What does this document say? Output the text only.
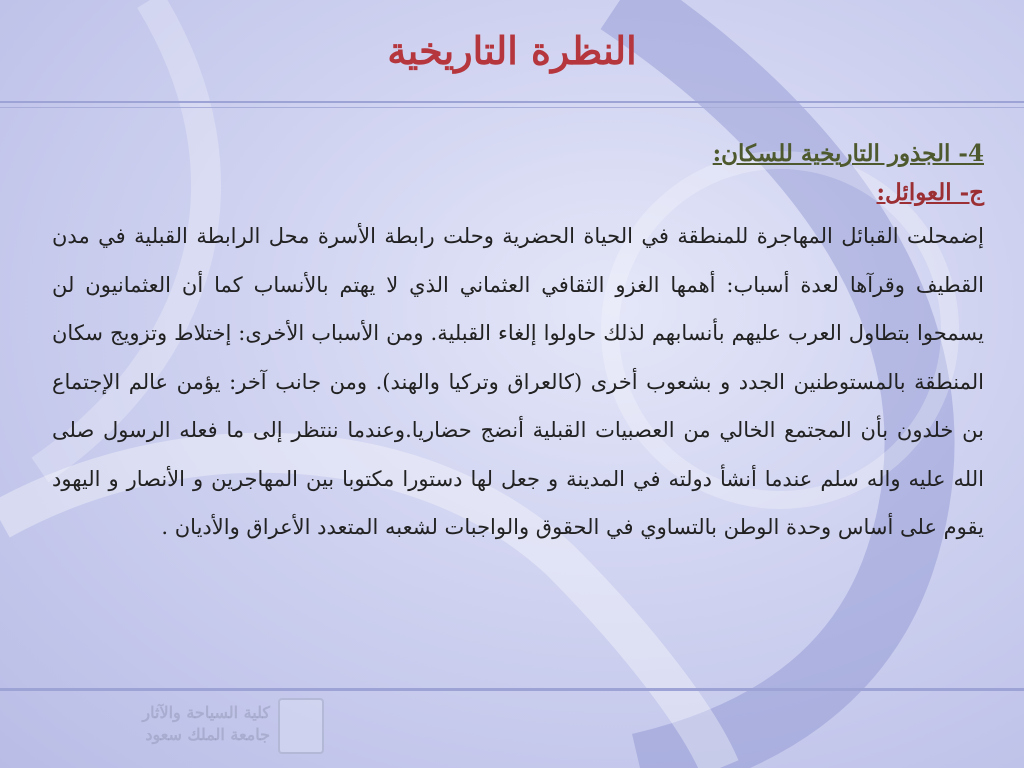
النظرة التاريخية
4- الجذور التاريخية للسكان:
ج- العوائل:
إضمحلت القبائل المهاجرة للمنطقة في الحياة الحضرية وحلت رابطة الأسرة محل الرابطة القبلية في مدن القطيف وقرآها لعدة أسباب: أهمها الغزو الثقافي العثماني الذي لا يهتم بالأنساب كما أن العثمانيون لن يسمحوا بتطاول العرب عليهم بأنسابهم لذلك حاولوا إلغاء القبلية. ومن الأسباب الأخرى: إختلاط وتزويج سكان المنطقة بالمستوطنين الجدد و بشعوب أخرى (كالعراق وتركيا والهند). ومن جانب آخر: يؤمن عالم الإجتماع بن خلدون بأن المجتمع الخالي من العصبيات القبلية أنضج حضاريا.وعندما ننتظر إلى ما فعله الرسول صلى الله عليه واله سلم عندما أنشأ دولته في المدينة و جعل لها دستورا مكتوبا بين المهاجرين و الأنصار و اليهود يقوم على أساس وحدة الوطن بالتساوي في الحقوق والواجبات لشعبه المتعدد الأعراق والأديان .
كلية السياحة والآثار
جامعة الملك سعود
